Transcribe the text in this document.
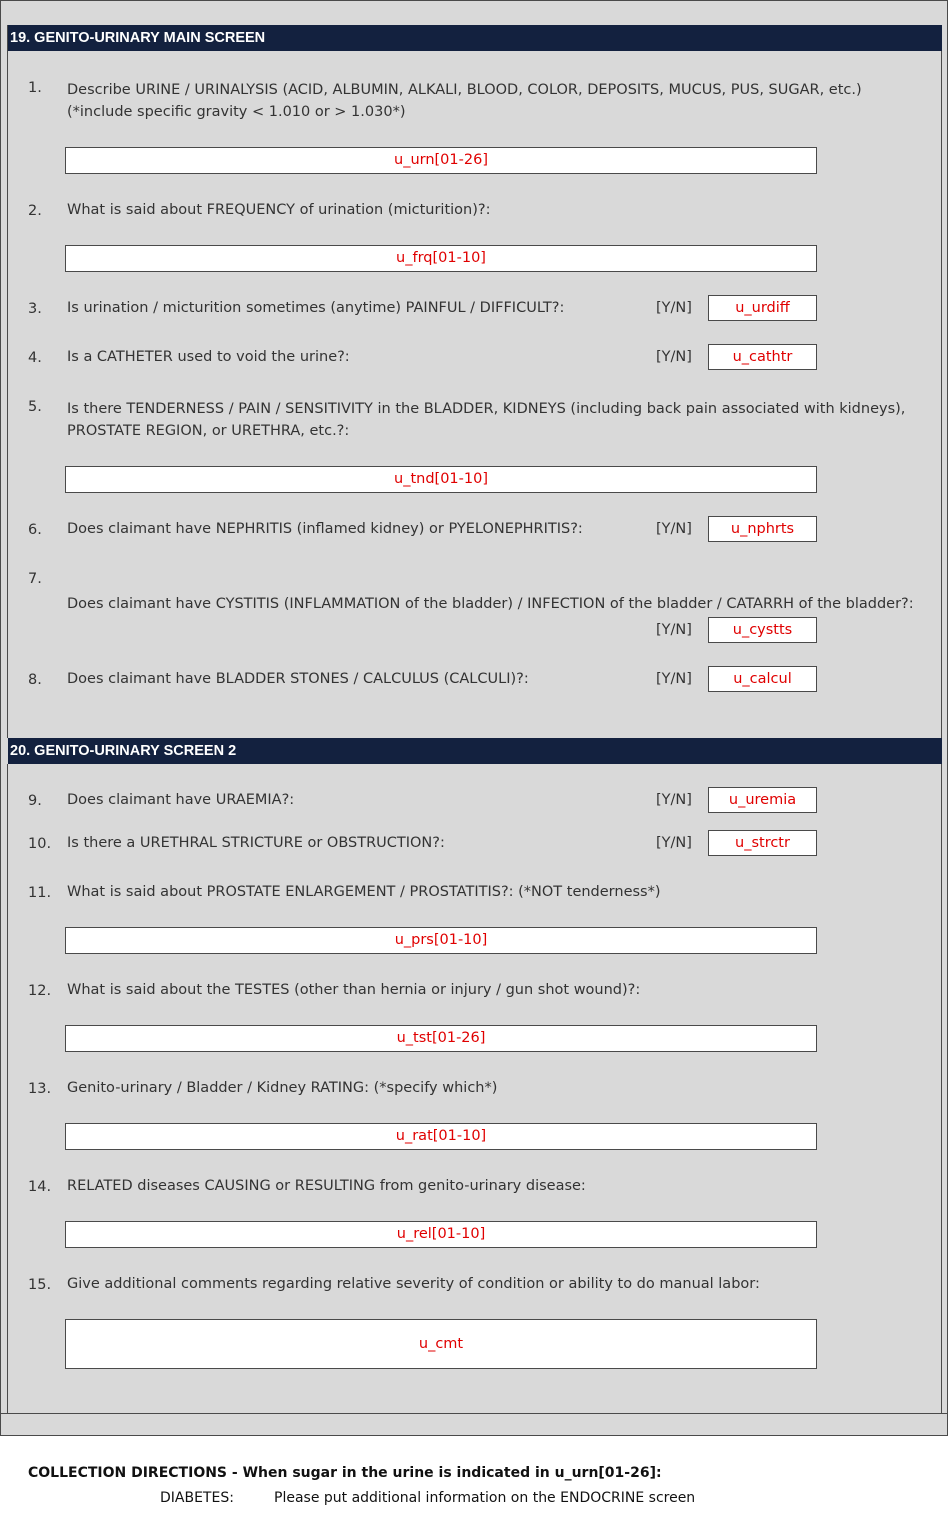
19. GENITO-URINARY MAIN SCREEN
1. Describe URINE / URINALYSIS (ACID, ALBUMIN, ALKALI, BLOOD, COLOR, DEPOSITS, MUCUS, PUS, SUGAR, etc.)
(*include specific gravity < 1.010 or > 1.030*)
u_urn[01-26]
2. What is said about FREQUENCY of urination (micturition)?:
u_frq[01-10]
3. Is urination / micturition sometimes (anytime) PAINFUL / DIFFICULT?:	[Y/N]	u_urdiff
4. Is a CATHETER used to void the urine?:	[Y/N]	u_cathtr
5. Is there TENDERNESS / PAIN / SENSITIVITY in the BLADDER, KIDNEYS (including back pain associated with kidneys),
PROSTATE REGION, or URETHRA, etc.?:
u_tnd[01-10]
6. Does claimant have NEPHRITIS (inflamed kidney) or PYELONEPHRITIS?:	[Y/N]	u_nphrts
7.
Does claimant have CYSTITIS (INFLAMMATION of the bladder) / INFECTION of the bladder / CATARRH of the bladder?:
[Y/N]	u_cystts
8. Does claimant have BLADDER STONES / CALCULUS (CALCULI)?:	[Y/N]	u_calcul
20. GENITO-URINARY SCREEN 2
9. Does claimant have URAEMIA?:	[Y/N]	u_uremia
10. Is there a URETHRAL STRICTURE or OBSTRUCTION?:	[Y/N]	u_strctr
11. What is said about PROSTATE ENLARGEMENT / PROSTATITIS?: (*NOT tenderness*)
u_prs[01-10]
12. What is said about the TESTES (other than hernia or injury / gun shot wound)?:
u_tst[01-26]
13. Genito-urinary / Bladder / Kidney RATING: (*specify which*)
u_rat[01-10]
14. RELATED diseases CAUSING or RESULTING from genito-urinary disease:
u_rel[01-10]
15. Give additional comments regarding relative severity of condition or ability to do manual labor:
u_cmt
COLLECTION DIRECTIONS - When sugar in the urine is indicated in u_urn[01-26]:
DIABETES:	Please put additional information on the ENDOCRINE screen
